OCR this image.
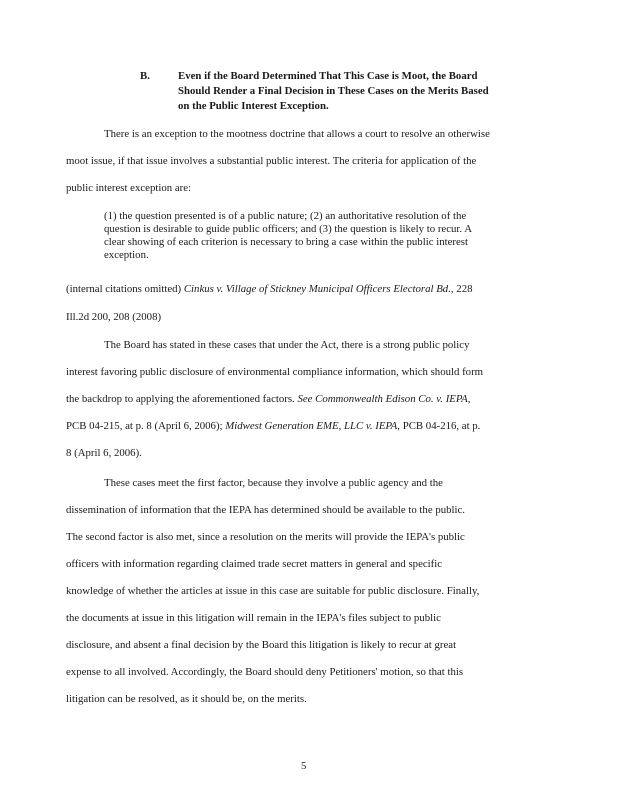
B.	Even if the Board Determined That This Case is Moot, the Board
Should Render a Final Decision in These Cases on the Merits Based
on the Public Interest Exception.
There is an exception to the mootness doctrine that allows a court to resolve an otherwise
moot issue, if that issue involves a substantial public interest. The criteria for application of the
public interest exception are:
(1) the question presented is of a public nature; (2) an authoritative resolution of the
question is desirable to guide public officers; and (3) the question is likely to recur. A
clear showing of each criterion is necessary to bring a case within the public interest
exception.
(internal citations omitted) Cinkus v. Village of Stickney Municipal Officers Electoral Bd., 228
Ill.2d 200, 208 (2008)
The Board has stated in these cases that under the Act, there is a strong public policy
interest favoring public disclosure of environmental compliance information, which should form
the backdrop to applying the aforementioned factors. See Commonwealth Edison Co. v. IEPA,
PCB 04-215, at p. 8 (April 6, 2006); Midwest Generation EME, LLC v. IEPA, PCB 04-216, at p.
8 (April 6, 2006).
These cases meet the first factor, because they involve a public agency and the
dissemination of information that the IEPA has determined should be available to the public.
The second factor is also met, since a resolution on the merits will provide the IEPA's public
officers with information regarding claimed trade secret matters in general and specific
knowledge of whether the articles at issue in this case are suitable for public disclosure. Finally,
the documents at issue in this litigation will remain in the IEPA's files subject to public
disclosure, and absent a final decision by the Board this litigation is likely to recur at great
expense to all involved. Accordingly, the Board should deny Petitioners' motion, so that this
litigation can be resolved, as it should be, on the merits.
5
